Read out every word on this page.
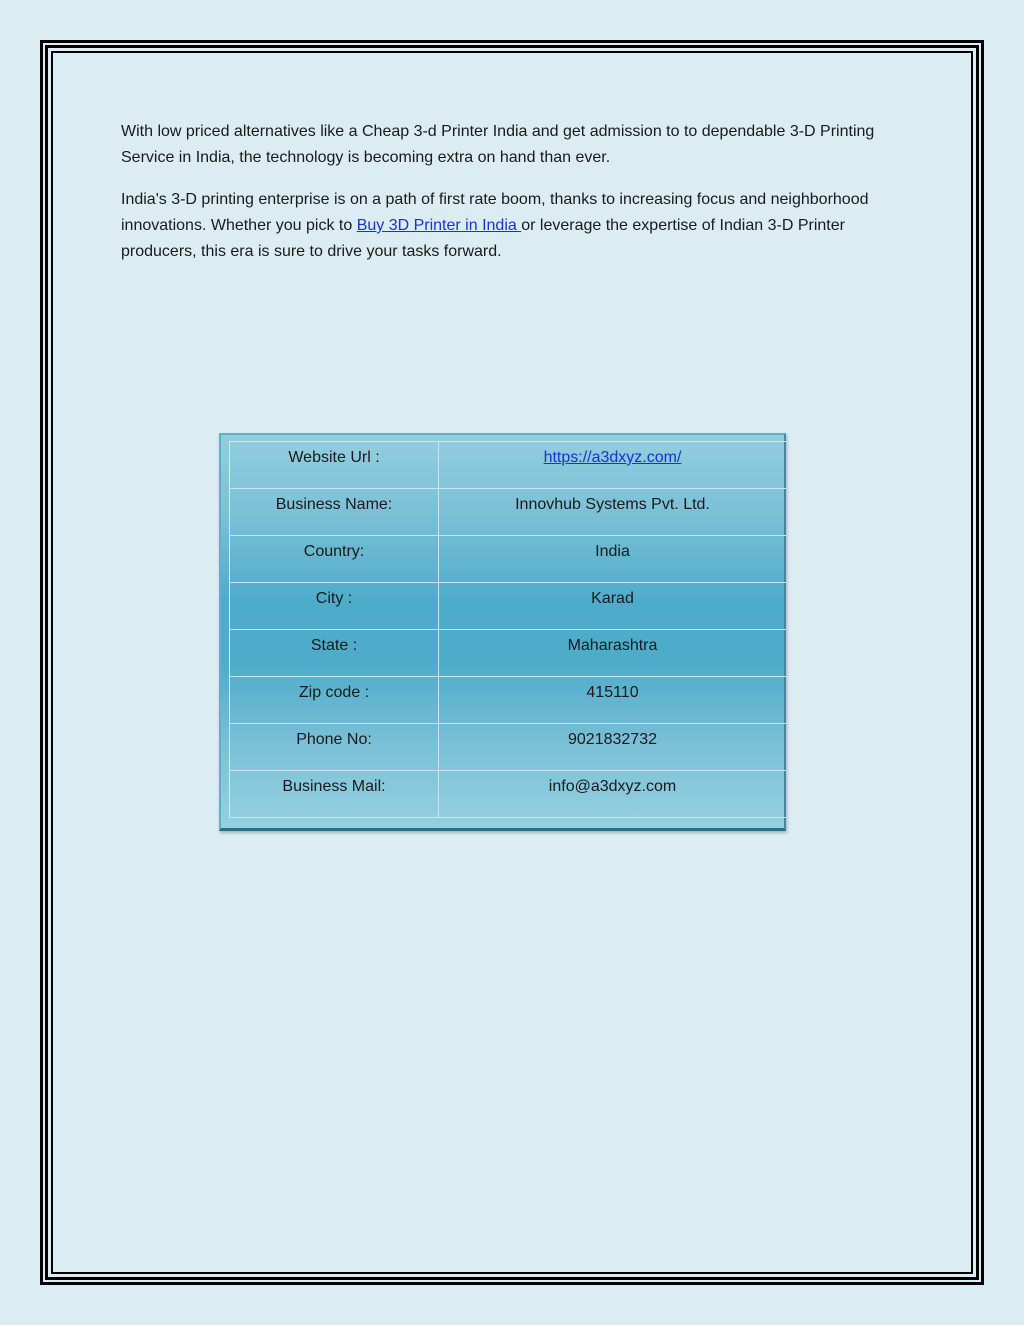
With low priced alternatives like a Cheap 3-d Printer India and get admission to to dependable 3-D Printing Service in India, the technology is becoming extra on hand than ever.

India's 3-D printing enterprise is on a path of first rate boom, thanks to increasing focus and neighborhood innovations. Whether you pick to Buy 3D Printer in India or leverage the expertise of Indian 3-D Printer producers, this era is sure to drive your tasks forward.

Website Url :	https://a3dxyz.com/
Business Name:	Innovhub Systems Pvt. Ltd.
Country:	India
City :	Karad
State :	Maharashtra
Zip code :	415110
Phone No:	9021832732
Business Mail:	info@a3dxyz.com
